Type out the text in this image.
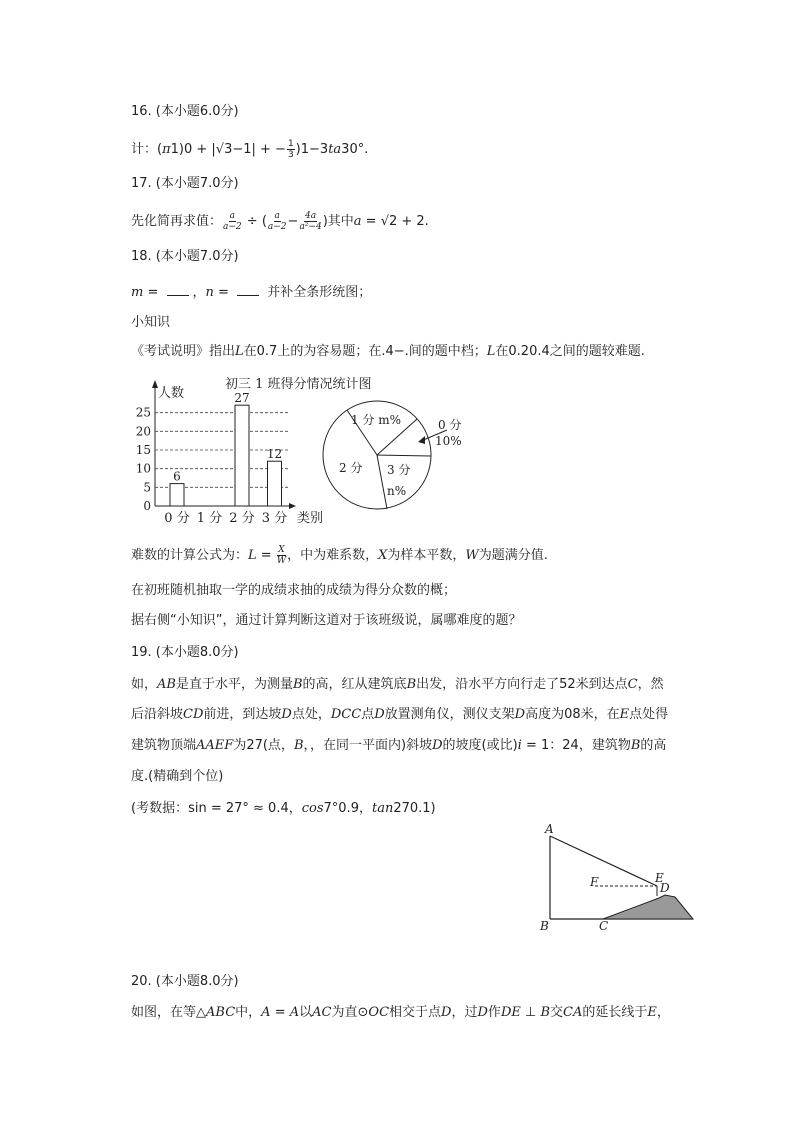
16. (本小题6.0分)
计：(π1)0 + |√3−1| + − $\frac{1}{3} )1-3ta30^\circ$.
17. (本小题7.0分)
先化简再求值： $\frac{a}{a-2}$ ÷ ( $\frac{a}{a-2} - \frac{4a}{\text{a²−4}}$ )其中a = √2 + 2.
18. (本小题7.0分)
m = ，n =  并补全条形统图；
小知识
《考试说明》指出L在0.7上的为容易题；在.4−.间的题中档；L在0.20.4之间的题较难题.
初三 1 班得分情况统计图
人数
类别
0
5
10
15
20
25
0 分
6
1 分 2 分
27
3 分
12
1 分 m%	0 分
10%
2 分 3 分
n%
难数的计算公式为：$L = \frac{X}{W}$ ，中为难系数，X为样本平数，W为题满分值.
在初班随机抽取一学的成绩求抽的成绩为得分众数的概；
据右侧“小知识”，通过计算判断这道对于该班级说，属哪难度的题？
19. (本小题8.0分)
如，AB是直于水平，为测量B的高，红从建筑底B出发，沿水平方向行走了52米到达点C，然
后沿斜坡CD前进，到达坡D点处，DCC点D放置测角仪，测仪支架D高度为08米，在E点处得
建筑物顶端AAEF为27(点，B，，在同一平面内)斜坡D的坡度(或比)i = 1：24，建筑物B的高
度.(精确到个位)
(考数据：sin = 27° ≈ 0.4，cos7°0.9，tan270.1)
A
B	C
F	E
D
20. (本小题8.0分)
如图，在等△ABC中，A = A以AC为直⊙OC相交于点D，过D作DE ⊥ B交CA的延长线于E，
